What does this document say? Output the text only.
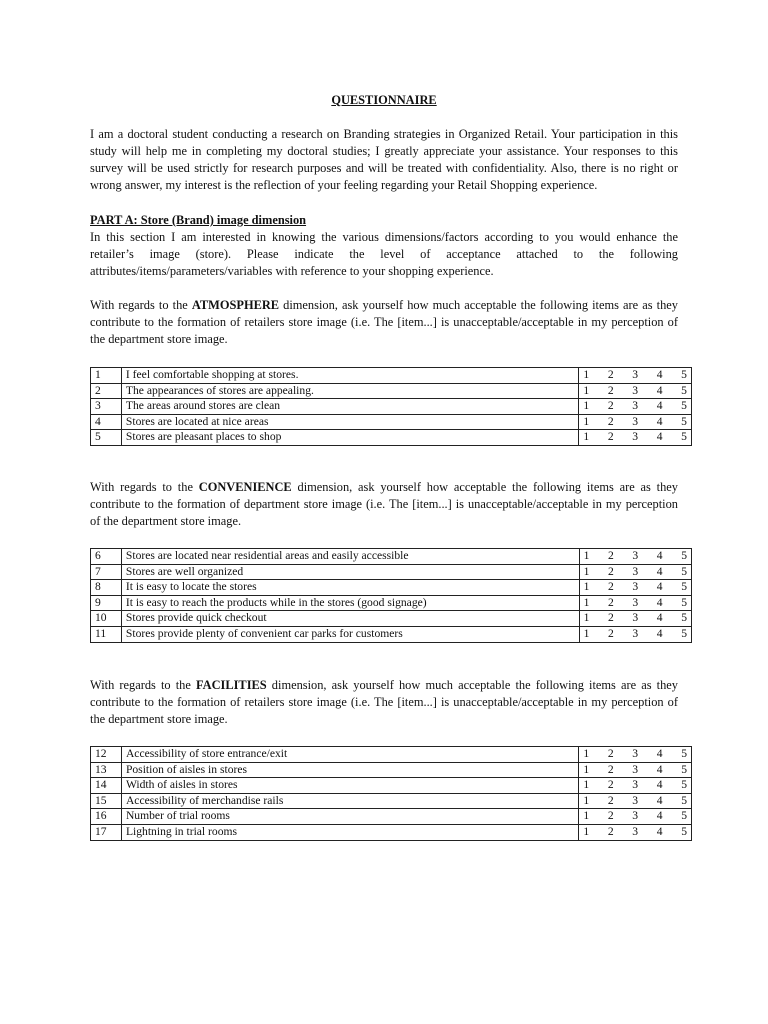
QUESTIONNAIRE

I am a doctoral student conducting a research on Branding strategies in Organized Retail. Your participation in this study will help me in completing my doctoral studies; I greatly appreciate your assistance. Your responses to this survey will be used strictly for research purposes and will be treated with confidentiality. Also, there is no right or wrong answer, my interest is the reflection of your feeling regarding your Retail Shopping experience.

PART A: Store (Brand) image dimension

In this section I am interested in knowing the various dimensions/factors according to you would enhance the retailer’s image (store). Please indicate the level of acceptance attached to the following attributes/items/parameters/variables with reference to your shopping experience.

With regards to the ATMOSPHERE dimension, ask yourself how much acceptable the following items are as they contribute to the formation of retailers store image (i.e. The [item...] is unacceptable/acceptable in my perception of the department store image.

1	I feel comfortable shopping at stores.	1 2 3 4 5

2	The appearances of stores are appealing.	1 2 3 4 5

3	The areas around stores are clean	1 2 3 4 5

4	Stores are located at nice areas	1 2 3 4 5

5	Stores are pleasant places to shop	1 2 3 4 5

With regards to the CONVENIENCE dimension, ask yourself how acceptable the following items are as they contribute to the formation of department store image (i.e. The [item...] is unacceptable/acceptable in my perception of the department store image.

6	Stores are located near residential areas and easily accessible	1 2 3 4 5

7	Stores are well organized	1 2 3 4 5

8	It is easy to locate the stores	1 2 3 4 5

9	It is easy to reach the products while in the stores (good signage)	1 2 3 4 5

10	Stores provide quick checkout	1 2 3 4 5

11	Stores provide plenty of convenient car parks for customers	1 2 3 4 5

With regards to the FACILITIES dimension, ask yourself how much acceptable the following items are as they contribute to the formation of retailers store image (i.e. The [item...] is unacceptable/acceptable in my perception of the department store image.

12	Accessibility of store entrance/exit	1 2 3 4 5

13	Position of aisles in stores	1 2 3 4 5

14	Width of aisles in stores	1 2 3 4 5

15	Accessibility of merchandise rails	1 2 3 4 5

16	Number of trial rooms	1 2 3 4 5

17	Lightning in trial rooms	1 2 3 4 5
